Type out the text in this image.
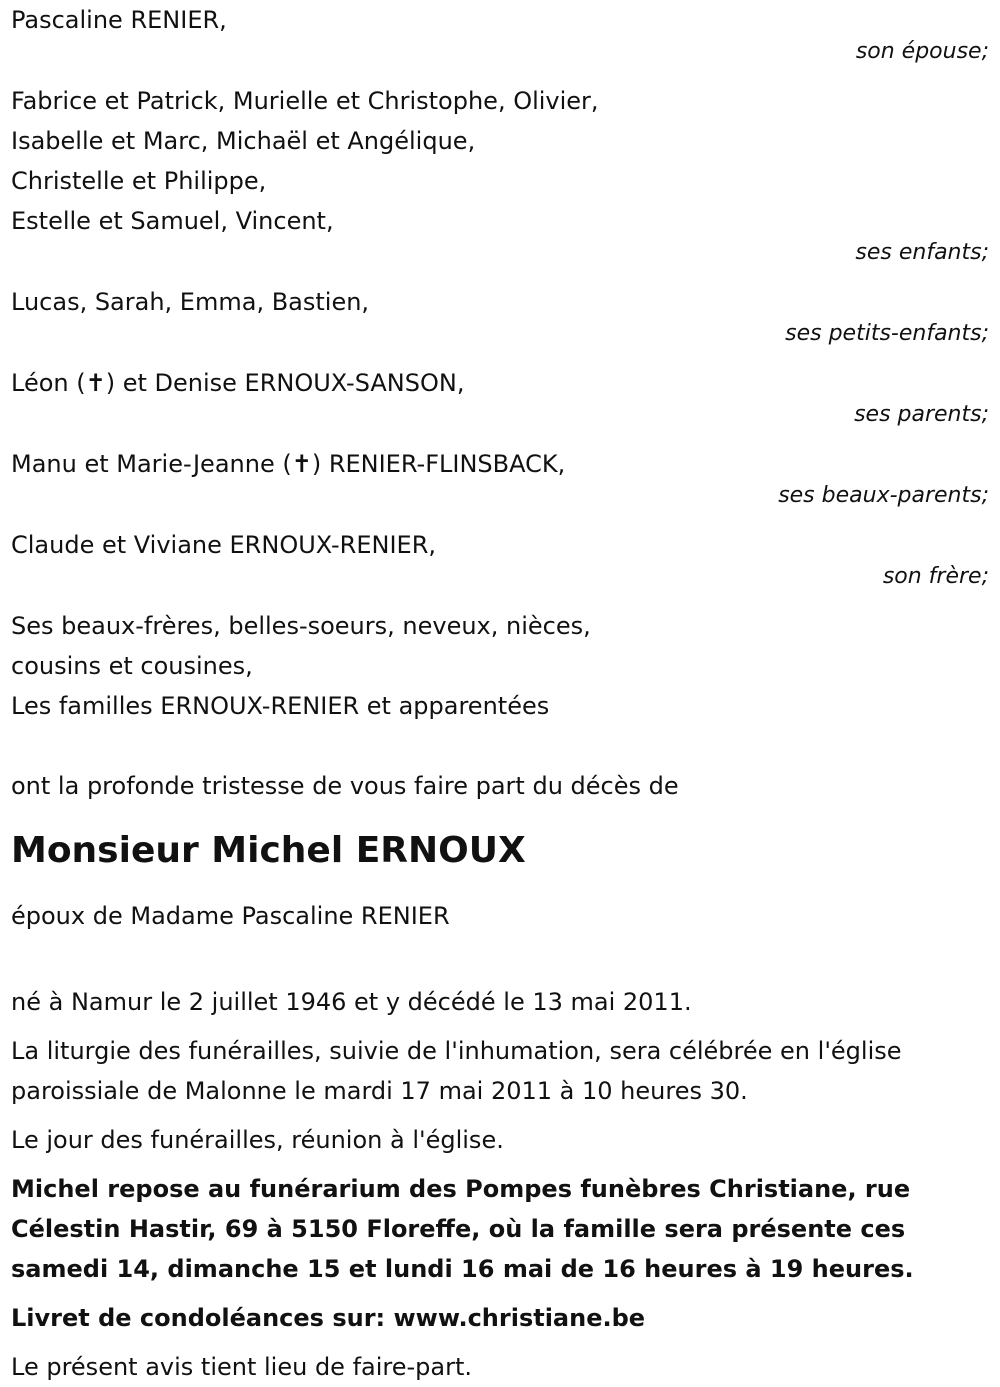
Pascaline RENIER,
son épouse;
Fabrice et Patrick, Murielle et Christophe, Olivier,
Isabelle et Marc, Michaël et Angélique,
Christelle et Philippe,
Estelle et Samuel, Vincent,
ses enfants;
Lucas, Sarah, Emma, Bastien,
ses petits-enfants;
Léon (✝) et Denise ERNOUX-SANSON,
ses parents;
Manu et Marie-Jeanne (✝) RENIER-FLINSBACK,
ses beaux-parents;
Claude et Viviane ERNOUX-RENIER,
son frère;
Ses beaux-frères, belles-soeurs, neveux, nièces,
cousins et cousines,
Les familles ERNOUX-RENIER et apparentées
ont la profonde tristesse de vous faire part du décès de
Monsieur Michel ERNOUX
époux de Madame Pascaline RENIER
né à Namur le 2 juillet 1946 et y décédé le 13 mai 2011.
La liturgie des funérailles, suivie de l'inhumation, sera célébrée en l'église paroissiale de Malonne le mardi 17 mai 2011 à 10 heures 30.
Le jour des funérailles, réunion à l'église.
Michel repose au funérarium des Pompes funèbres Christiane, rue Célestin Hastir, 69 à 5150 Floreffe, où la famille sera présente ces samedi 14, dimanche 15 et lundi 16 mai de 16 heures à 19 heures.
Livret de condoléances sur: www.christiane.be
Le présent avis tient lieu de faire-part.
